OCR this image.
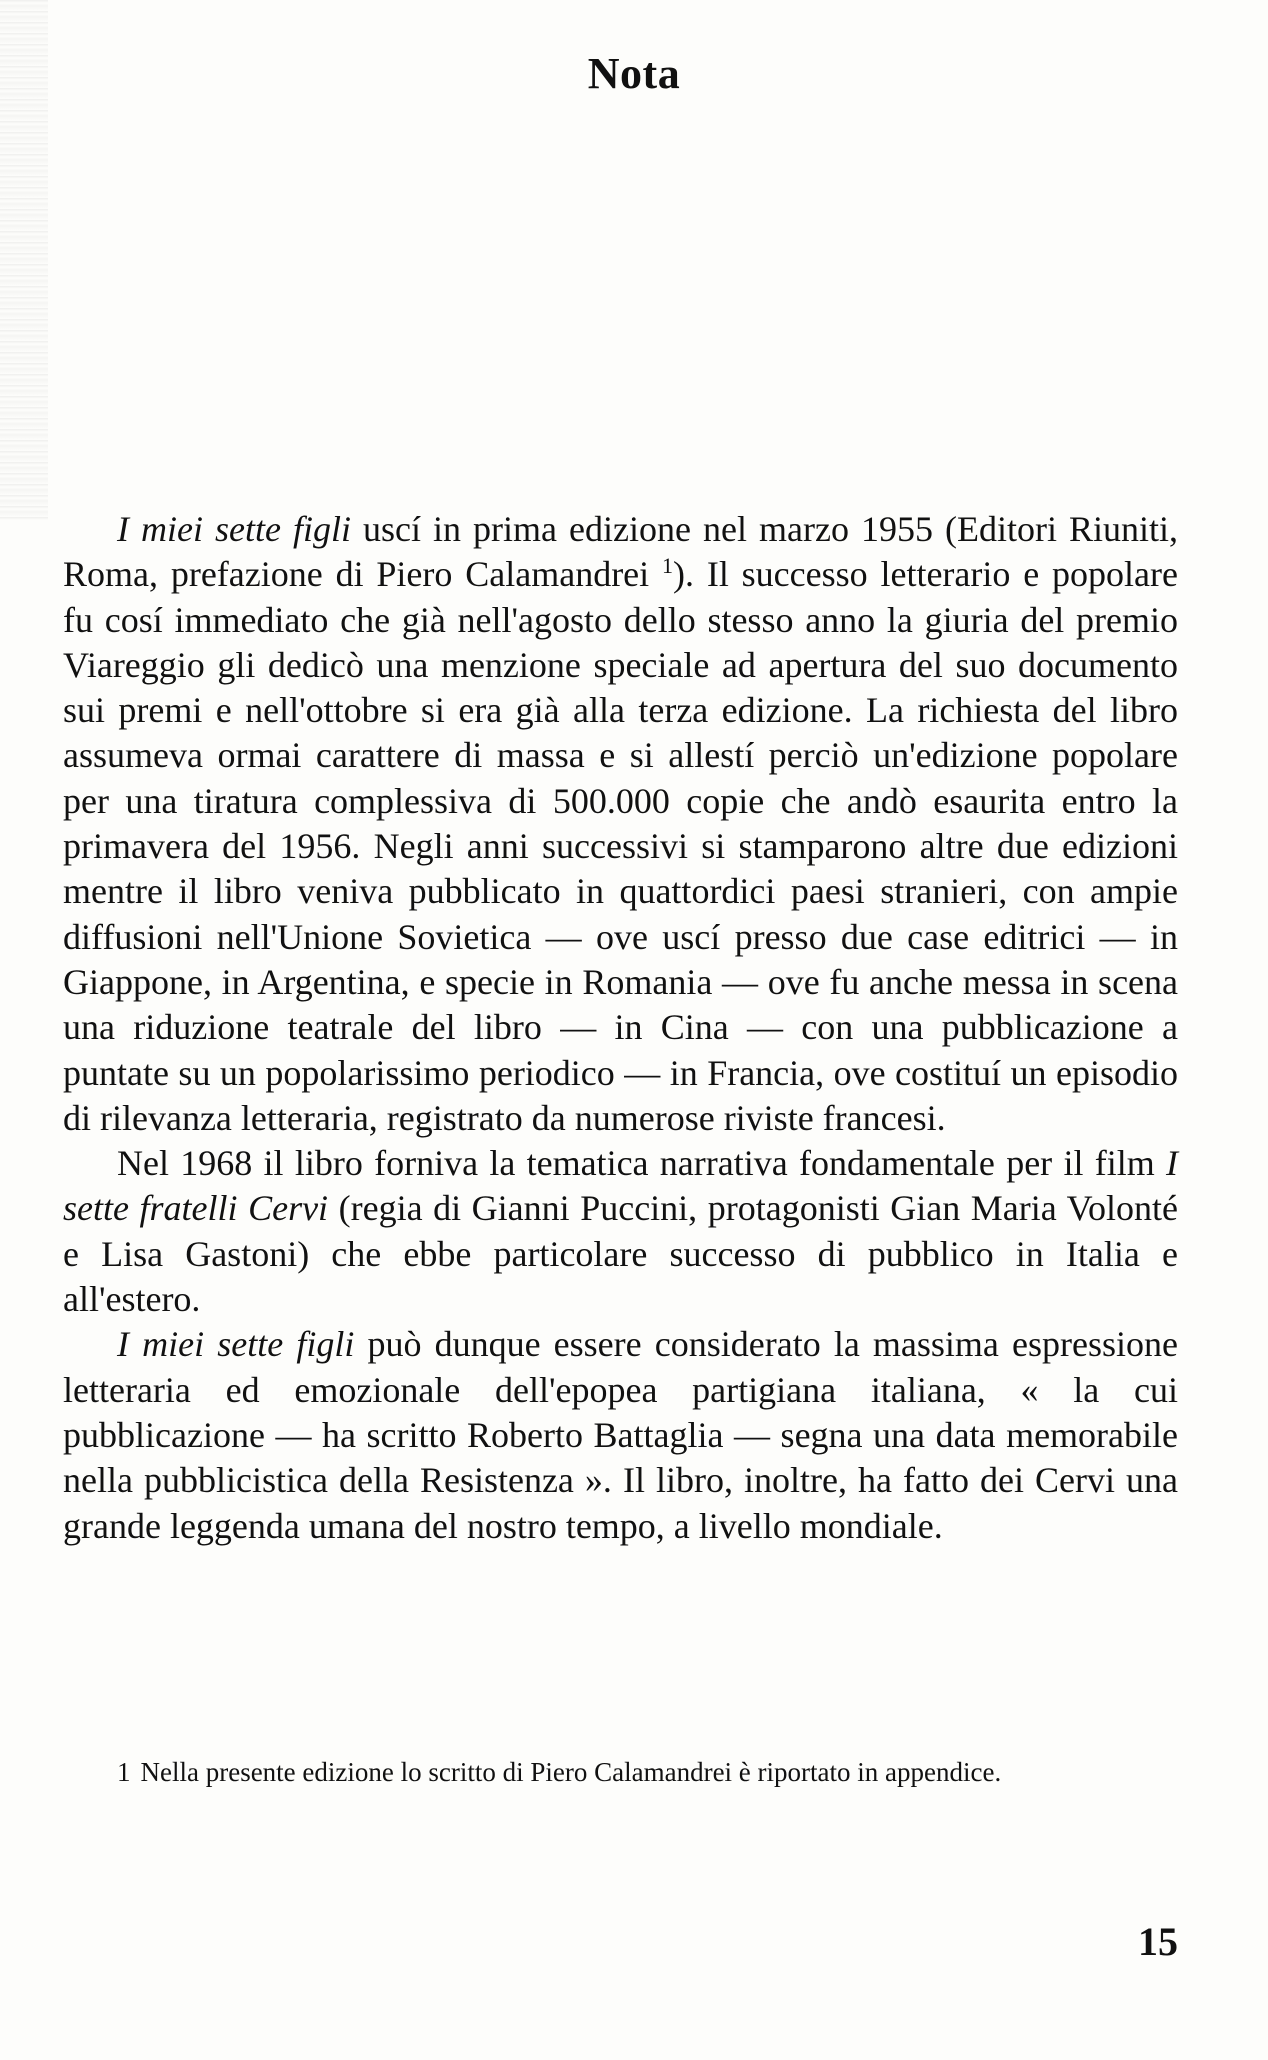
Nota

I miei sette figli uscí in prima edizione nel marzo 1955 (Editori Riuniti, Roma, prefazione di Piero Calamandrei $^1$). Il successo letterario e popolare fu cosí immediato che già nell'agosto dello stesso anno la giuria del premio Viareggio gli dedicò una menzione speciale ad apertura del suo documento sui premi e nell'ottobre si era già alla terza edizione. La richiesta del libro assumeva ormai carattere di massa e si allestí perciò un'edizione popolare per una tiratura complessiva di 500.000 copie che andò esaurita entro la primavera del 1956. Negli anni successivi si stamparono altre due edizioni mentre il libro veniva pubblicato in quattordici paesi stranieri, con ampie diffusioni nell'Unione Sovietica — ove uscí presso due case editrici — in Giappone, in Argentina, e specie in Romania — ove fu anche messa in scena una riduzione teatrale del libro — in Cina — con una pubblicazione a puntate su un popolarissimo periodico — in Francia, ove costituí un episodio di rilevanza letteraria, registrato da numerose riviste francesi.

Nel 1968 il libro forniva la tematica narrativa fondamentale per il film I sette fratelli Cervi (regia di Gianni Puccini, protagonisti Gian Maria Volonté e Lisa Gastoni) che ebbe particolare successo di pubblico in Italia e all'estero.

I miei sette figli può dunque essere considerato la massima espressione letteraria ed emozionale dell'epopea partigiana italiana, « la cui pubblicazione — ha scritto Roberto Battaglia — segna una data memorabile nella pubblicistica della Resistenza ». Il libro, inoltre, ha fatto dei Cervi una grande leggenda umana del nostro tempo, a livello mondiale.

1 Nella presente edizione lo scritto di Piero Calamandrei è riportato in appendice.

15
